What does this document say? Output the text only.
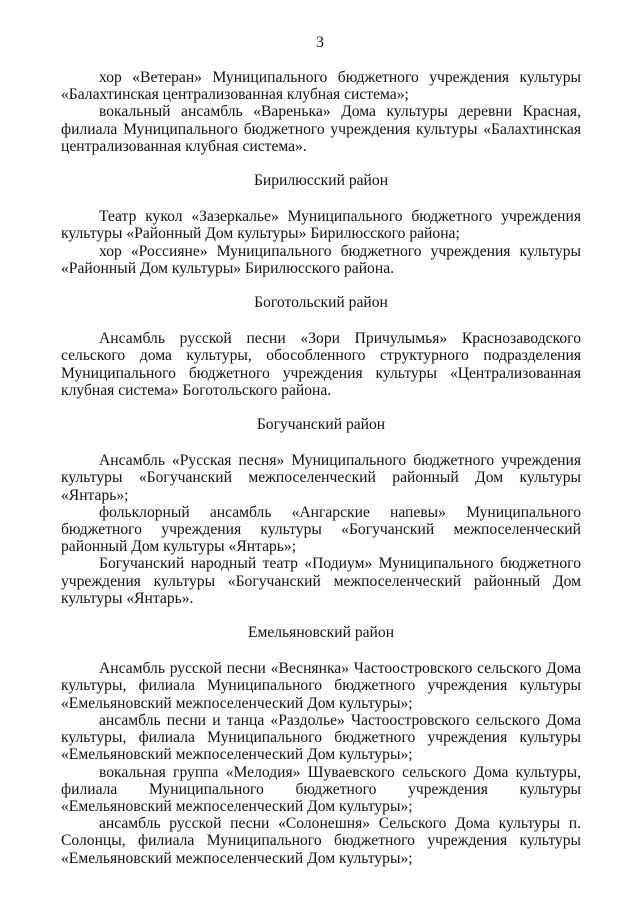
3

хор «Ветеран» Муниципального бюджетного учреждения культуры «Балахтинская централизованная клубная система»;

вокальный ансамбль «Варенька» Дома культуры деревни Красная, филиала Муниципального бюджетного учреждения культуры «Балахтинская централизованная клубная система».

Бирилюсский район

Театр кукол «Зазеркалье» Муниципального бюджетного учреждения культуры «Районный Дом культуры» Бирилюсского района;

хор «Россияне» Муниципального бюджетного учреждения культуры «Районный Дом культуры» Бирилюсского района.

Боготольский район

Ансамбль русской песни «Зори Причулымья» Краснозаводского сельского дома культуры, обособленного структурного подразделения Муниципального бюджетного учреждения культуры «Централизованная клубная система» Боготольского района.

Богучанский район

Ансамбль «Русская песня» Муниципального бюджетного учреждения культуры «Богучанский межпоселенческий районный Дом культуры «Янтарь»;

фольклорный ансамбль «Ангарские напевы» Муниципального бюджетного учреждения культуры «Богучанский межпоселенческий районный Дом культуры «Янтарь»;

Богучанский народный театр «Подиум» Муниципального бюджетного учреждения культуры «Богучанский межпоселенческий районный Дом культуры «Янтарь».

Емельяновский район

Ансамбль русской песни «Веснянка» Частоостровского сельского Дома культуры, филиала Муниципального бюджетного учреждения культуры «Емельяновский межпоселенческий Дом культуры»;

ансамбль песни и танца «Раздолье» Частоостровского сельского Дома культуры, филиала Муниципального бюджетного учреждения культуры «Емельяновский межпоселенческий Дом культуры»;

вокальная группа «Мелодия» Шуваевского сельского Дома культуры, филиала Муниципального бюджетного учреждения культуры «Емельяновский межпоселенческий Дом культуры»;

ансамбль русской песни «Солонешня» Сельского Дома культуры п. Солонцы, филиала Муниципального бюджетного учреждения культуры «Емельяновский межпоселенческий Дом культуры»;
